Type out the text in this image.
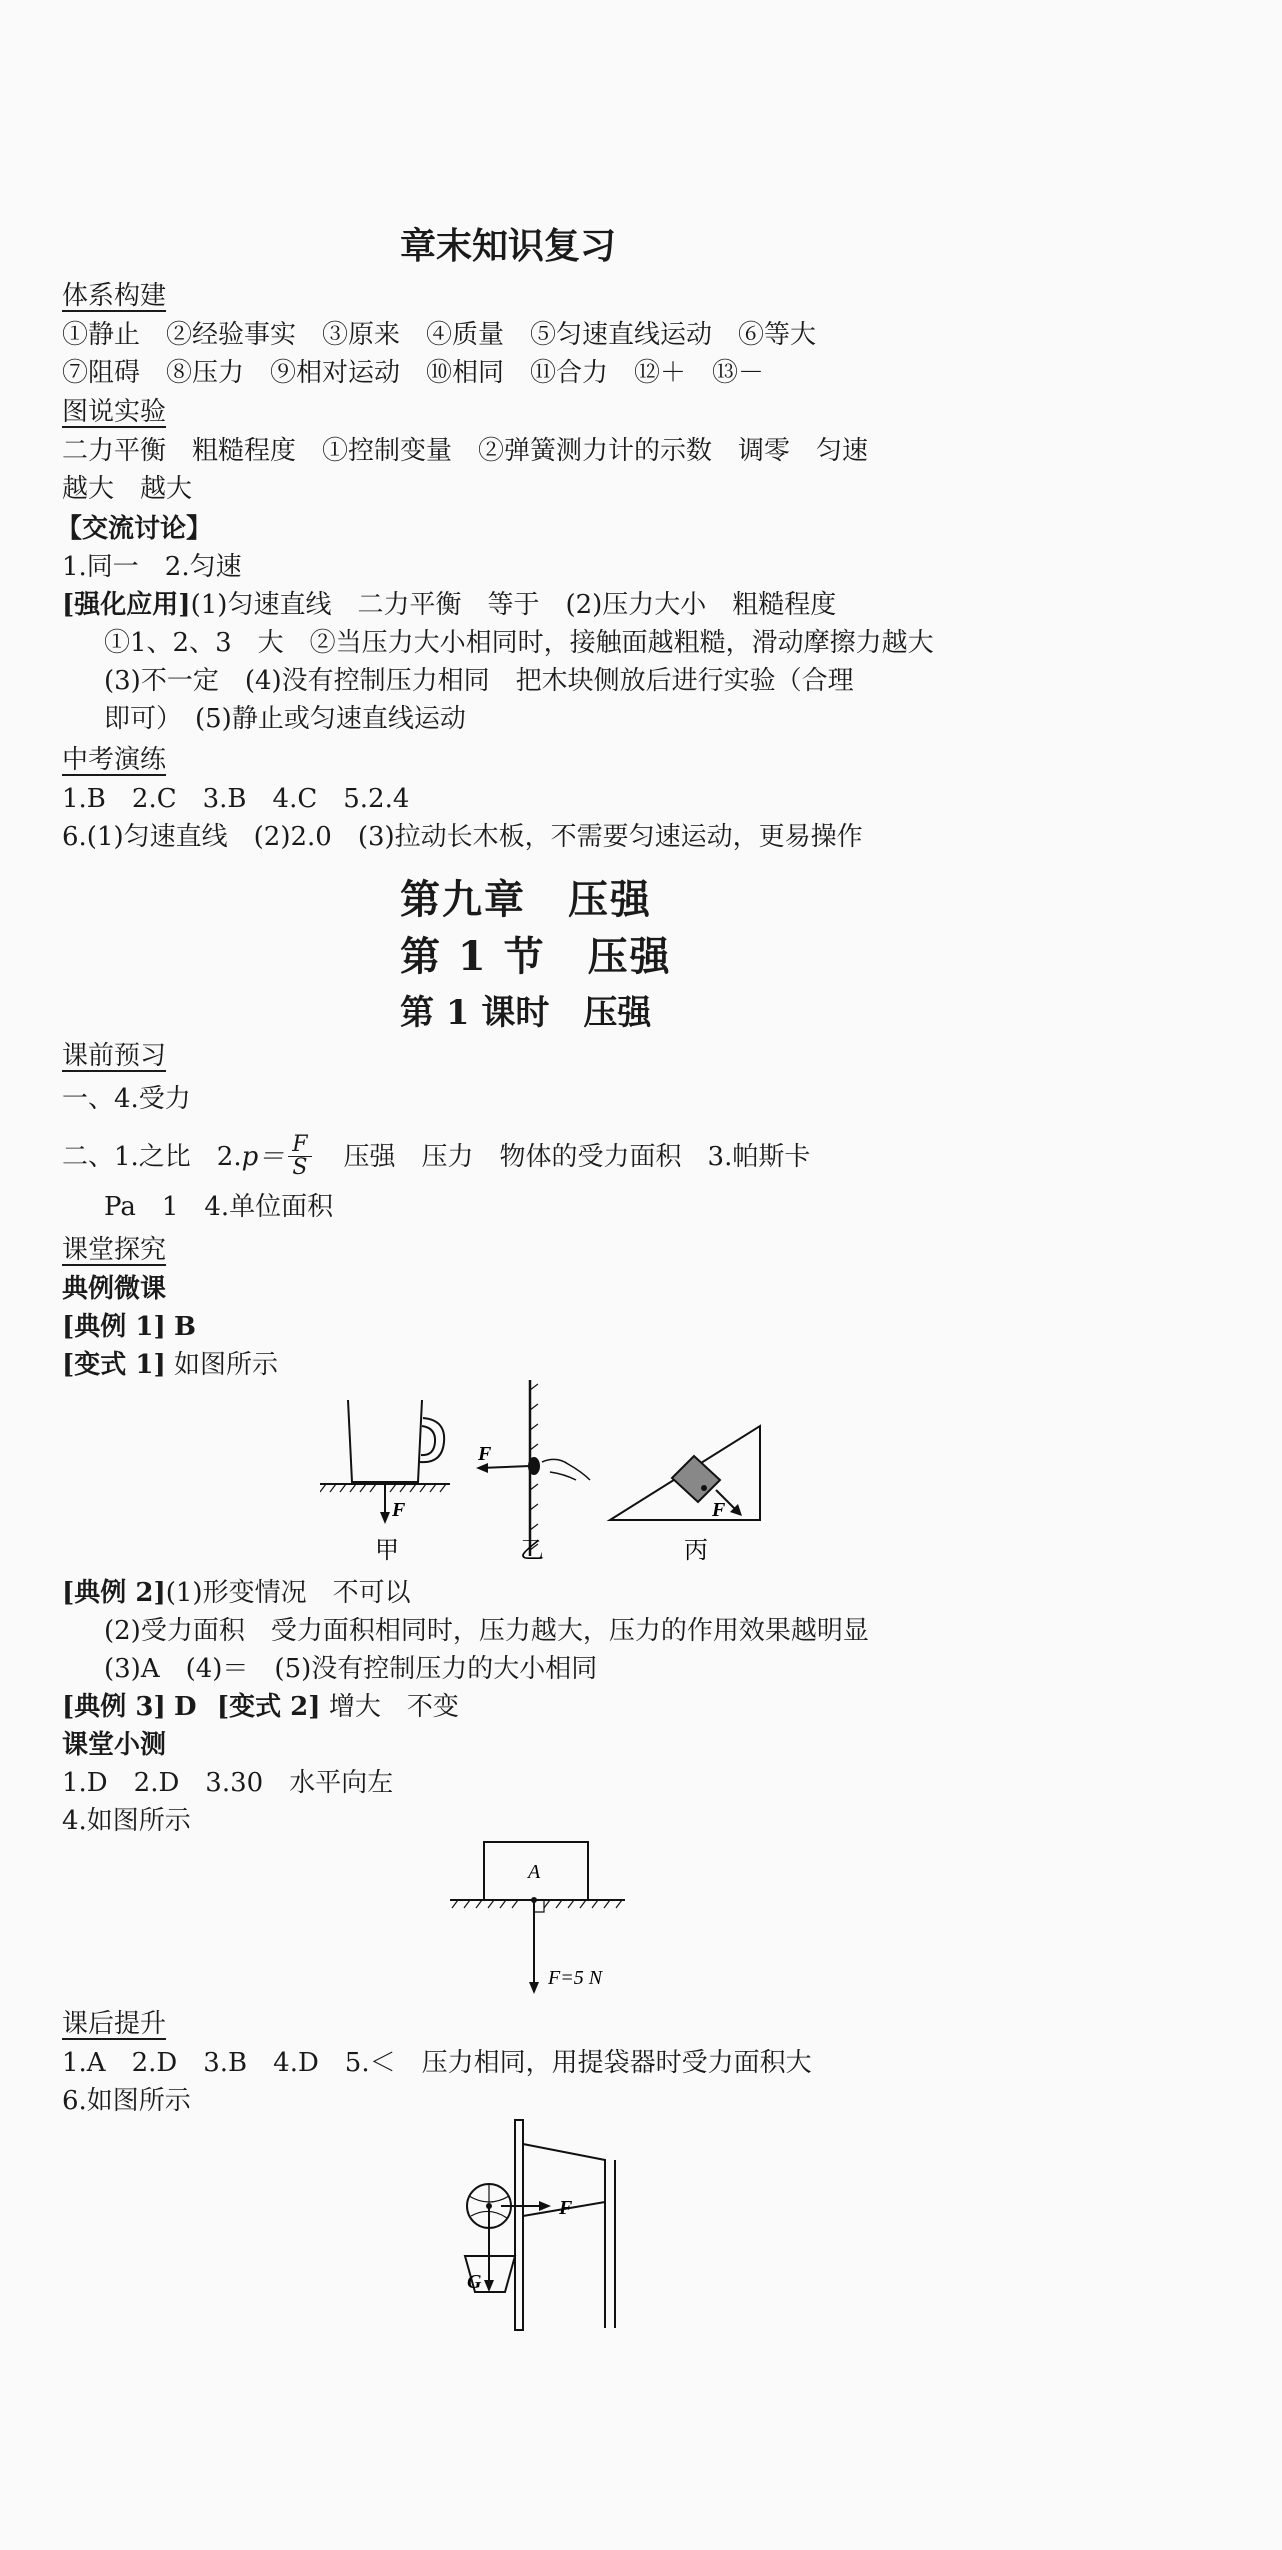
章末知识复习
体系构建
①静止　②经验事实　③原来　④质量　⑤匀速直线运动　⑥等大
⑦阻碍　⑧压力　⑨相对运动　⑩相同　⑪合力　⑫＋　⑬－
图说实验
二力平衡　粗糙程度　①控制变量　②弹簧测力计的示数　调零　匀速
越大　越大
【交流讨论】
1.同一　2.匀速
[强化应用](1)匀速直线　二力平衡　等于　(2)压力大小　粗糙程度
①1、2、3　大　②当压力大小相同时，接触面越粗糙，滑动摩擦力越大
(3)不一定　(4)没有控制压力相同　把木块侧放后进行实验（合理
即可）　(5)静止或匀速直线运动
中考演练
1.B　2.C　3.B　4.C　5.2.4
6.(1)匀速直线　(2)2.0　(3)拉动长木板，不需要匀速运动，更易操作
第九章　压强
第 1 节　压强
第 1 课时　压强
课前预习
一、4.受力
二、1.之比　2. $p= \frac{F}{S}$ 压强　压力　物体的受力面积　3.帕斯卡
Pa　1　4.单位面积
课堂探究
典例微课
[典例 1] B
[变式 1] 如图所示
F
F
F
甲	乙	丙
[典例 2](1)形变情况　不可以
(2)受力面积　受力面积相同时，压力越大，压力的作用效果越明显
(3)A　(4)＝　(5)没有控制压力的大小相同
[典例 3] D [变式 2] 增大　不变
课堂小测
1.D　2.D　3.30　水平向左
4.如图所示
A
F=5 N
课后提升
1.A　2.D　3.B　4.D　5.＜　压力相同，用提袋器时受力面积大
6.如图所示
F
G
